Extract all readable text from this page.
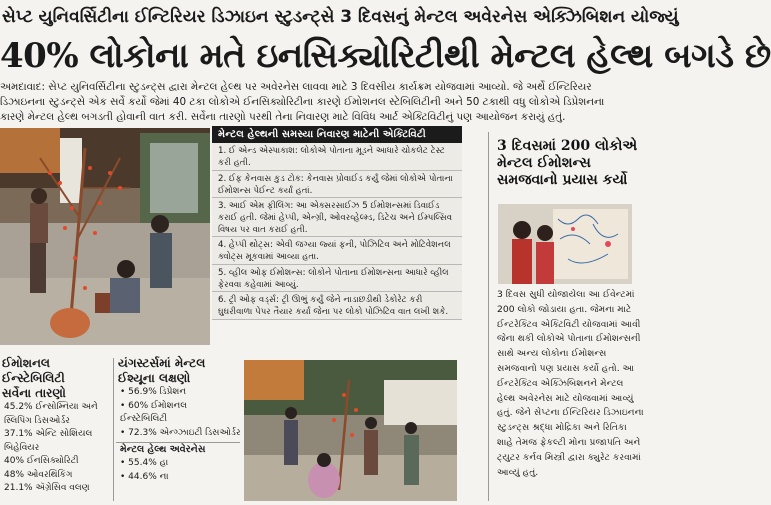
સેપ્ટ યુનિવર્સિટીના ઈન્ટિરિયર ડિઝાઇન સ્ટુડન્ટ્સે 3 દિવસનું મેન્ટલ અવેરનેસ એક્ઝિબિશન યોજ્યું
40% લોકોના મતે ઇનસિક્યોરિટીથી મેન્ટલ હેલ્થ બગડે છે

અમદાવાદ: સેપ્ટ યુનિવર્સિટીના સ્ટુડન્ટ્સ દ્વારા મેન્ટલ હેલ્થ પર અવેરનેસ લાવવા માટે 3 દિવસીય કાર્યક્રમ યોજવામાં આવ્યો. જે અર્થે ઈન્ટિરિયર

ડિઝાઇનના સ્ટુડન્ટ્સે એક સર્વે કર્યો જેમાં 40 ટકા લોકોએ ઈનસિક્યોરિટીના કારણે ઈમોશનલ સ્ટેબિલિટીની અને 50 ટકાથી વધુ લોકોએ ડિપ્રેશનના

કારણે મેન્ટલ હેલ્થ બગડતી હોવાની વાત કરી. સર્વેના તારણો પરથી તેના નિવારણ માટે વિવિધ આર્ટ એક્ટિવિટીનું પણ આયોજન કરાયું હતું.

મેન્ટલ હેલ્થની સમસ્યા નિવારણ માટેની એક્ટિવિટી
1. ઈ એન્ડ એસ્પાકાશ: લોકોએ પોતાના મૂડને આધારે ચોકલેટ ટેસ્ટ કરી હતી.
2. ઈફ કેનવાસ કુડ ટોક: કેનવાસ પ્રોવાઈડ કર્યું જેમાં લોકોએ પોતાના ઈમોશન્સ પેઈન્ટ કર્યાં હતાં.
3. આઈ એમ ફીલિંગ: આ એક્સરસાઈઝ 5 ઈમોશન્સમાં ડિવાઈડ કરાઈ હતી. જેમાં હેપ્પી, એન્ગ્રી, ઓવરવ્હેલ્મ્ડ, ડિટેચ અને ઈમ્પલ્સિવ વિષય પર વાત કરાઈ હતી.
4. હેપ્પી થોટ્સ: એવી જગ્યા જ્યાં ફની, પોઝિટિવ અને મોટિવેશનલ ક્વોટ્સ મૂકવામાં આવ્યા હતા.
5. વ્હીલ ઓફ ઈમોશન્સ: લોકોને પોતાના ઈમોશન્સના આધારે વ્હીલ ફેરવવા કહેવામાં આવ્યું.
6. ટ્રી ઓફ વર્ડ્સ: ટ્રી ઊભું કર્યું જેને નાડાછડીથી ડેકોરેટ કરી ઘુઘરીવાળા પેપર તૈયાર કર્યા જેના પર લોકો પોઝિટિવ વાત લખી શકે.
3 દિવસમાં 200 લોકોએ મેન્ટલ ઈમોશન્સ સમજવાનો પ્રયાસ કર્યો
3 દિવસ સુધી યોજાયેલા આ ઈવેન્ટમાં 200 લોકો જોડાયા હતા. જેમના માટે ઈન્ટરેક્ટિવ એક્ટિવિટી યોજવામાં આવી જેના થકી લોકોએ પોતાના ઈમોશન્સની સાથે અન્ય લોકોના ઈમોશન્સ સમજવાનો પણ પ્રયાસ કર્યો હતો. આ ઈન્ટરેક્ટિવ એક્ઝિબિશનને મેન્ટલ હેલ્થ અવેરનેસ માટે યોજવામાં આવ્યું હતું. જેને સેપ્ટના ઈન્ટિરિયર ડિઝાઇનના સ્ટુડન્ટ્સ શ્રદ્ધા મોદ્રિકા અને રિતિકા શાહે તેમજ ફેકલ્ટી મોના પ્રજાપતિ અને ટ્યુટર કર્નવ મિસ્ત્રી દ્વારા ક્યુરેટ કરવામાં આવ્યું હતું.
ઈમોશનલ ઈન્સ્ટેબિલિટી
સર્વેના તારણો
45.2% ઈન્સોમ્નિયા અને
સ્લિપિંગ ડિસઓર્ડર
37.1% એન્ટિ સોશિયલ
બિહેવિયર
40% ઈનસિક્યોરિટી
48% ઓવરથિંકિંગ
21.1% ઍગ્રેસિવ વલણ
યંગસ્ટર્સમાં મેન્ટલ
ઈશ્યૂના લક્ષણો
• 56.9% ડિપ્રેશન
• 60% ઈમોશનલ
ઈન્સ્ટેબિલિટી
• 72.3% એન્ગ્ઝાઇટી ડિસઓર્ડર
મેન્ટલ હેલ્થ અવેરનેસ
• 55.4% હા
• 44.6% ના
